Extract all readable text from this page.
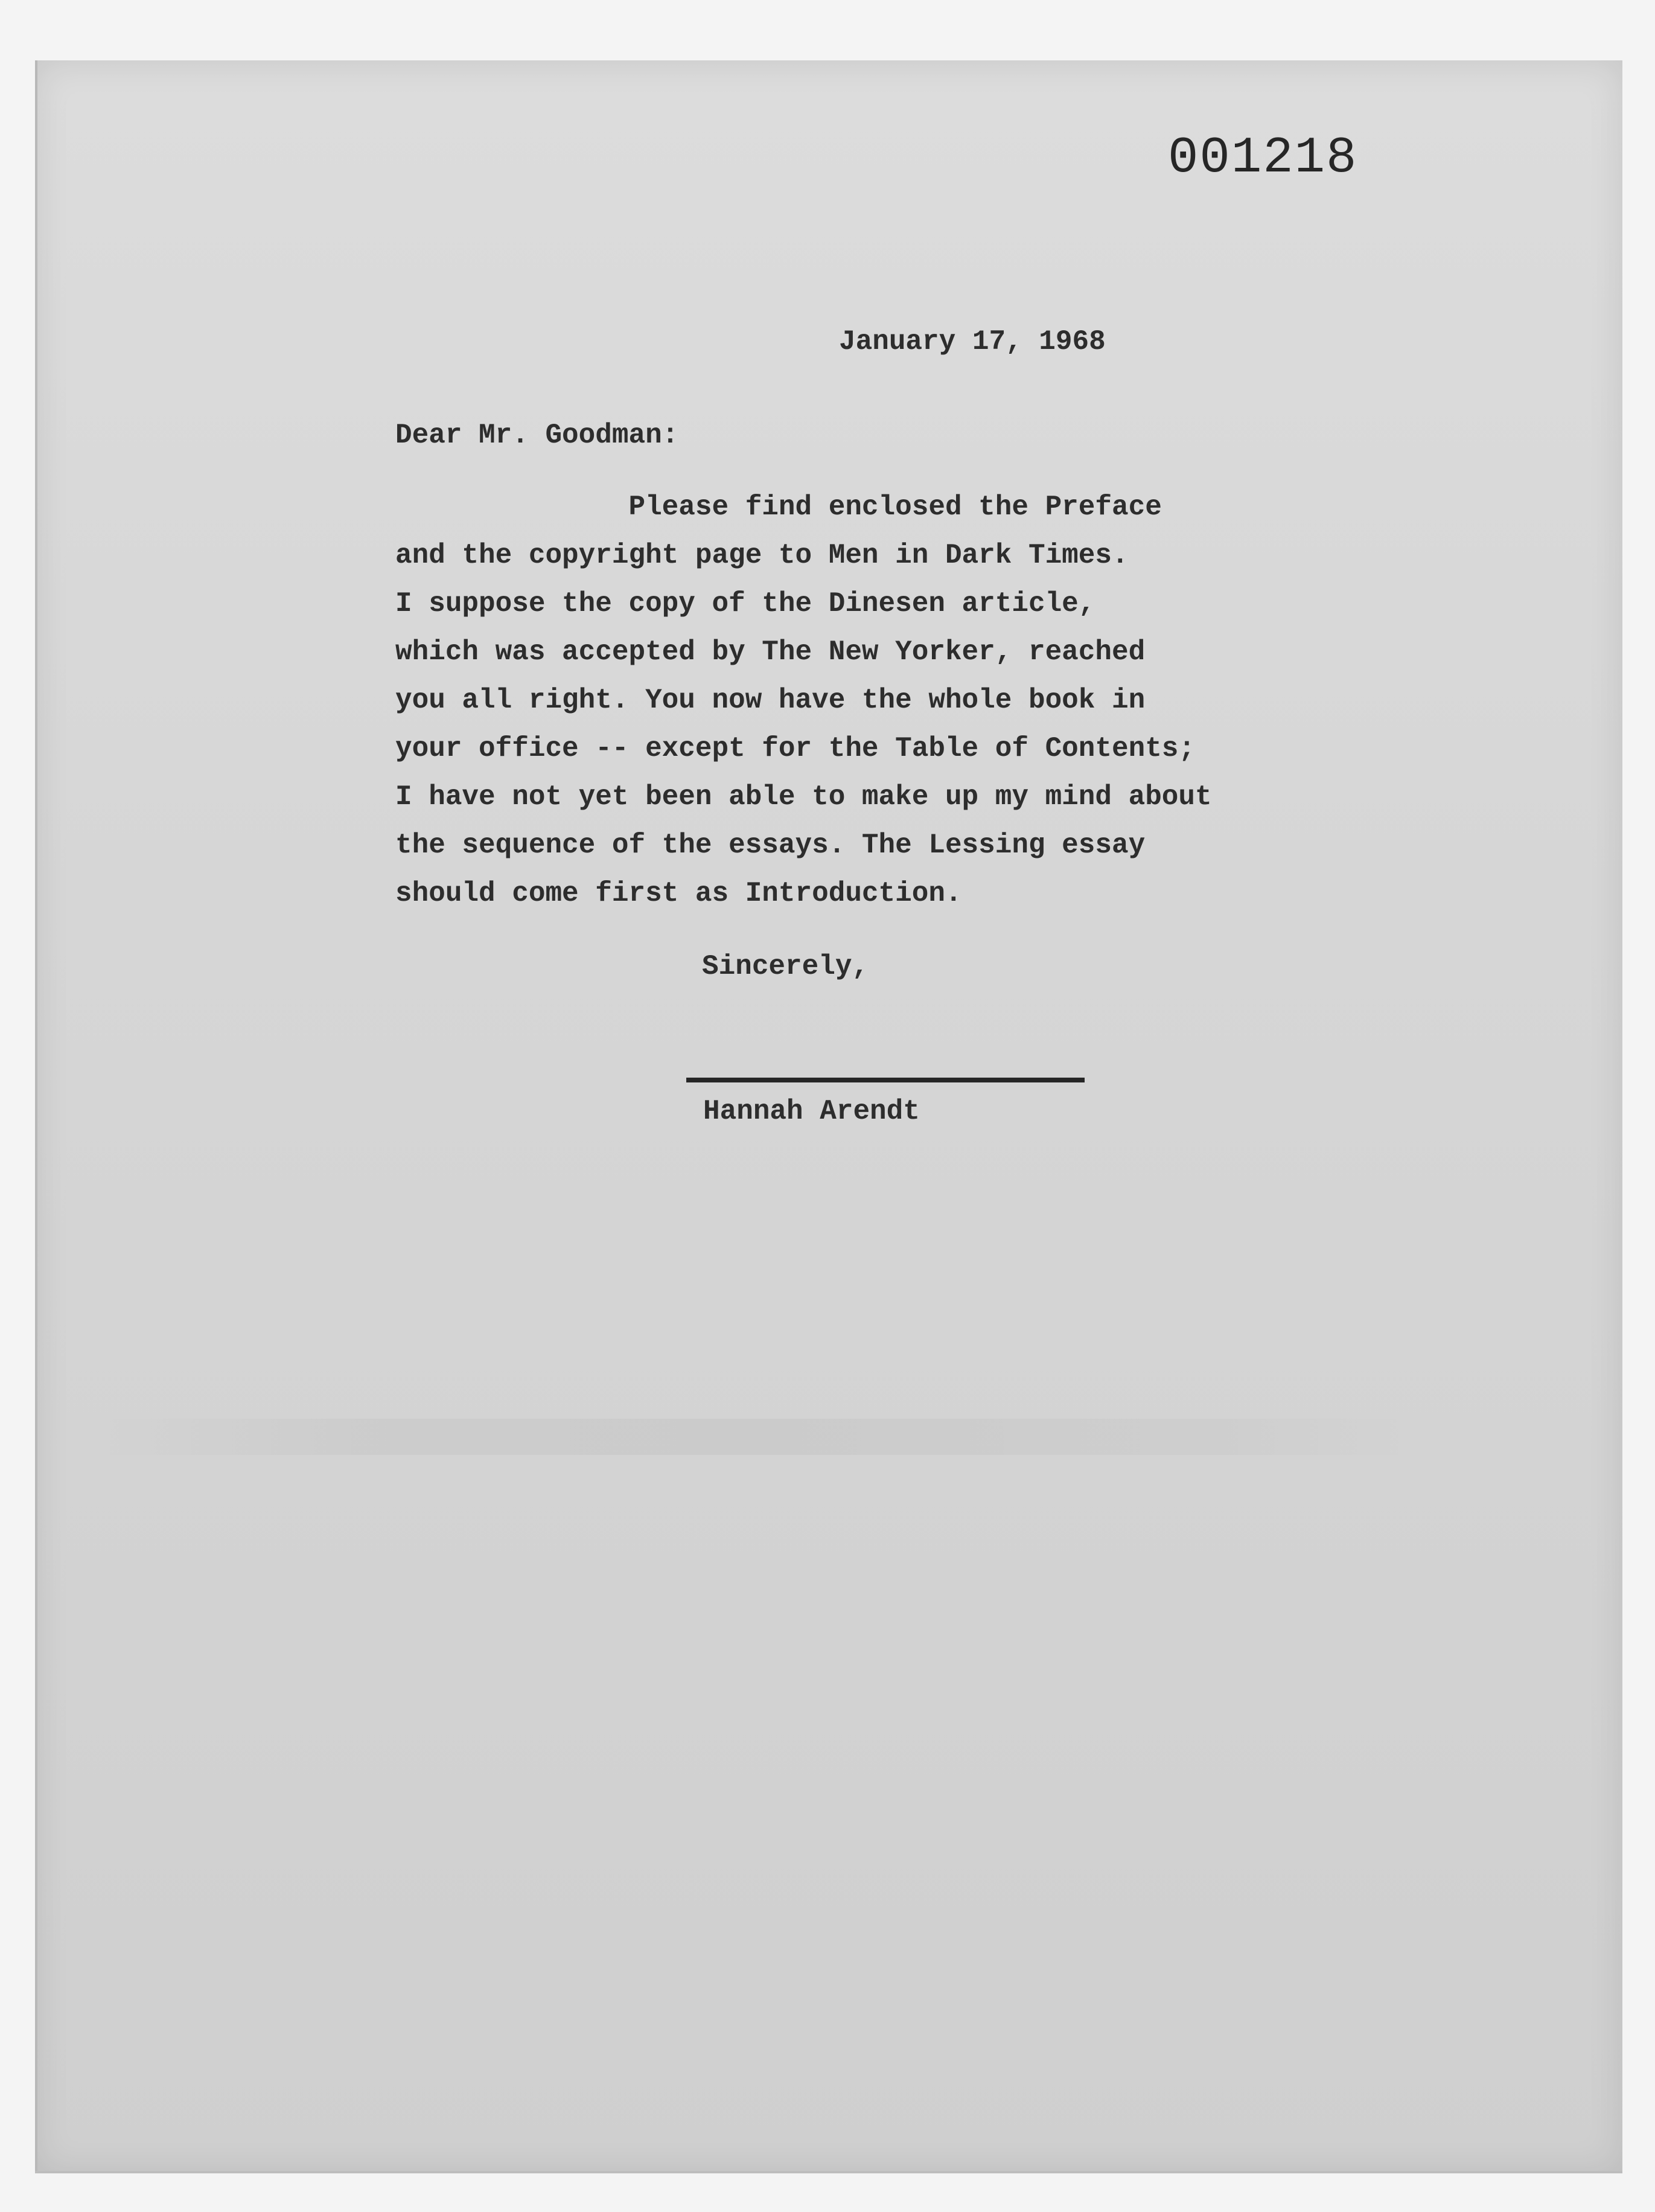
001218
January 17, 1968
Dear Mr. Goodman:
Please find enclosed the Preface
and the copyright page to Men in Dark Times.
I suppose the copy of the Dinesen article,
which was accepted by The New Yorker, reached
you all right. You now have the whole book in
your office -- except for the Table of Contents;
I have not yet been able to make up my mind about
the sequence of the essays. The Lessing essay
should come first as Introduction.
Sincerely,
Hannah Arendt
